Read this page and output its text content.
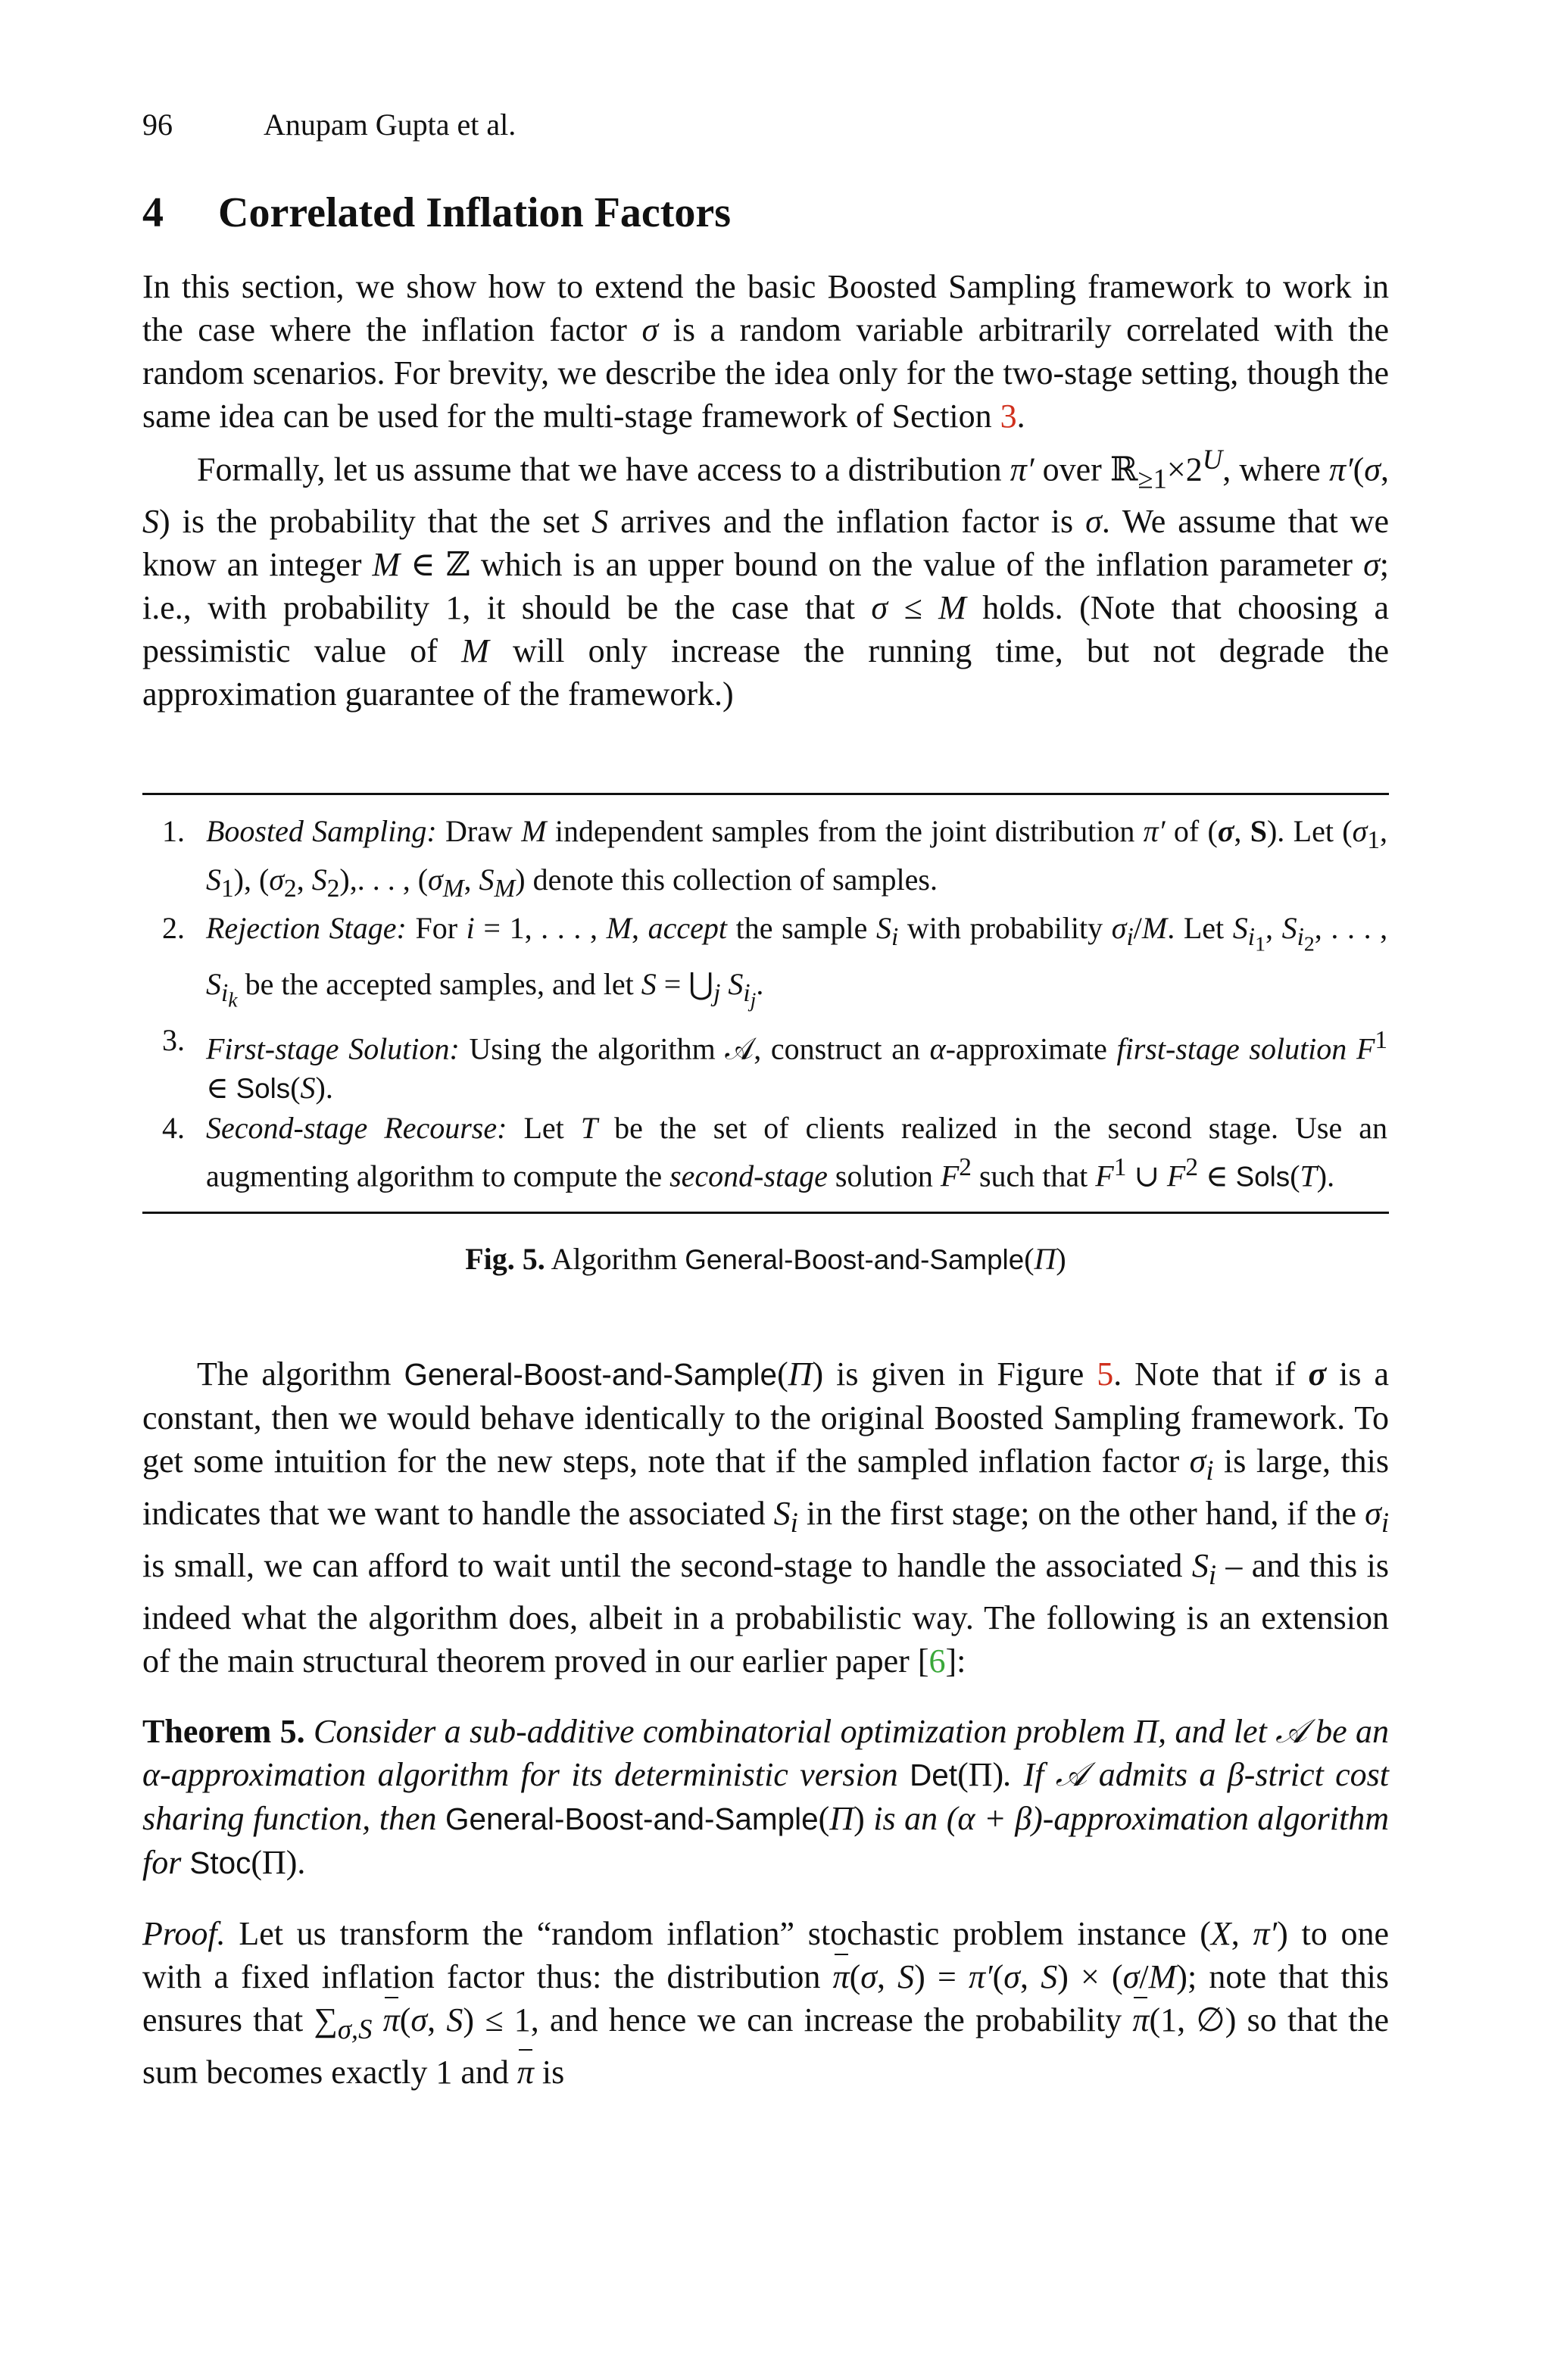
96	Anupam Gupta et al.
4	Correlated Inflation Factors

In this section, we show how to extend the basic Boosted Sampling framework to work in the case where the inflation factor σ is a random variable arbitrarily correlated with the random scenarios. For brevity, we describe the idea only for the two-stage setting, though the same idea can be used for the multi-stage framework of Section 3.

Formally, let us assume that we have access to a distribution π′ over $ℝ_{\ge 1}\times 2^U$, where π′(σ, S) is the probability that the set S arrives and the inflation factor is σ. We assume that we know an integer M ∈ ℤ which is an upper bound on the value of the inflation parameter σ; i.e., with probability 1, it should be the case that σ ≤ M holds. (Note that choosing a pessimistic value of M will only increase the running time, but not degrade the approximation guarantee of the framework.)

1. Boosted Sampling: Draw M independent samples from the joint distribution π′ of (σ, S). Let ($\sigma_1$, $S_1$), ($\sigma_2$, $S_2$),. . . , ($\sigma_M$, $S_M$) denote this collection of samples.
2. Rejection Stage: For i = 1, . . . , M, accept the sample $S_i$ with probability $\sigma_i/M$. Let $S_{i_1}$, $S_{i_2}$, . . . , $S_{i_k}$ be the accepted samples, and let $S = ⋃_j$ $S_{i_j}$.
3. First-stage Solution: Using the algorithm 𝒜, construct an α-approximate first-stage solution $F^1$ ∈ Sols(S).
4. Second-stage Recourse: Let T be the set of clients realized in the second stage. Use an augmenting algorithm to compute the second-stage solution $F^2$ such that $F^1$ ∪ $F^2$ ∈ Sols(T).
Fig. 5. Algorithm General-Boost-and-Sample(Π)

The algorithm General-Boost-and-Sample(Π) is given in Figure 5. Note that if σ is a constant, then we would behave identically to the original Boosted Sampling framework. To get some intuition for the new steps, note that if the sampled inflation factor $\sigma_i$ is large, this indicates that we want to handle the associated $S_i$ in the first stage; on the other hand, if the $\sigma_i$ is small, we can afford to wait until the second-stage to handle the associated $S_i$ – and this is indeed what the algorithm does, albeit in a probabilistic way. The following is an extension of the main structural theorem proved in our earlier paper [6]:

Theorem 5. Consider a sub-additive combinatorial optimization problem Π, and let 𝒜 be an α-approximation algorithm for its deterministic version Det(Π). If 𝒜 admits a β-strict cost sharing function, then General-Boost-and-Sample(Π) is an (α + β)-approximation algorithm for Stoc(Π).

Proof. Let us transform the “random inflation” stochastic problem instance (X, π′) to one with a fixed inflation factor thus: the distribution π(σ, S) = π′(σ, S) × (σ/M); note that this ensures that $\sum_{\sigma,S}$ π(σ, S) ≤ 1, and hence we can increase the probability π(1, ∅) so that the sum becomes exactly 1 and π is
